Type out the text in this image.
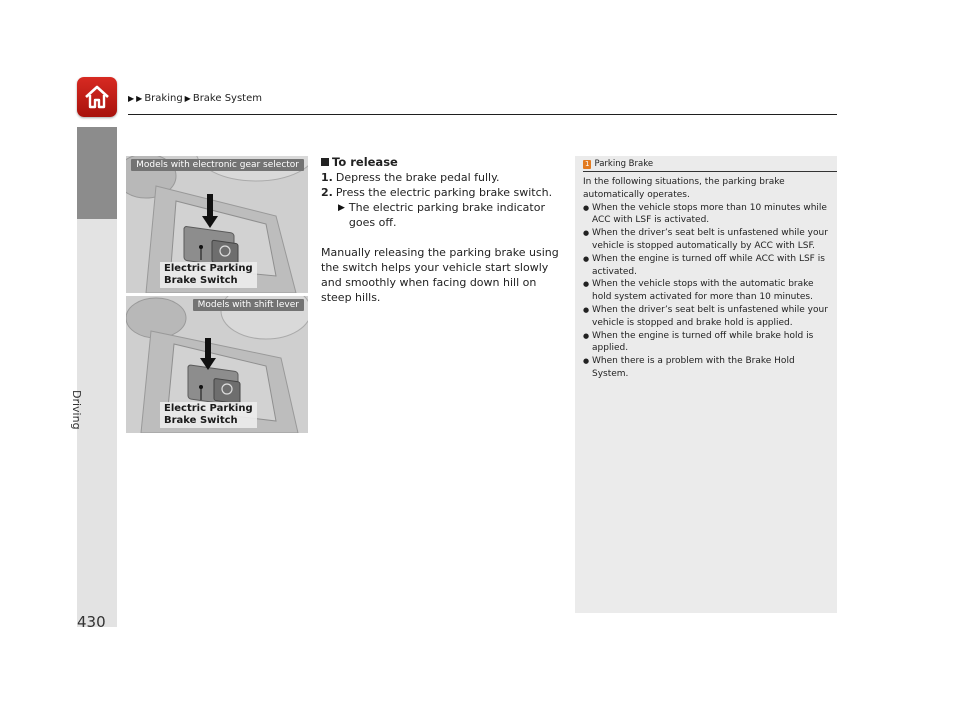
▶ ▶ Braking ▶ Brake System
Driving
Models with electronic gear selector
Electric Parking
Brake Switch
Models with shift lever
Electric Parking
Brake Switch
To release
1. Depress the brake pedal fully.
2. Press the electric parking brake switch.
▶ The electric parking brake indicator goes off.
Manually releasing the parking brake using the switch helps your vehicle start slowly and smoothly when facing down hill on steep hills.
1 Parking Brake
In the following situations, the parking brake automatically operates.
● When the vehicle stops more than 10 minutes while ACC with LSF is activated.
● When the driver’s seat belt is unfastened while your vehicle is stopped automatically by ACC with LSF.
● When the engine is turned off while ACC with LSF is activated.
● When the vehicle stops with the automatic brake hold system activated for more than 10 minutes.
● When the driver’s seat belt is unfastened while your vehicle is stopped and brake hold is applied.
● When the engine is turned off while brake hold is applied.
● When there is a problem with the Brake Hold System.
430
